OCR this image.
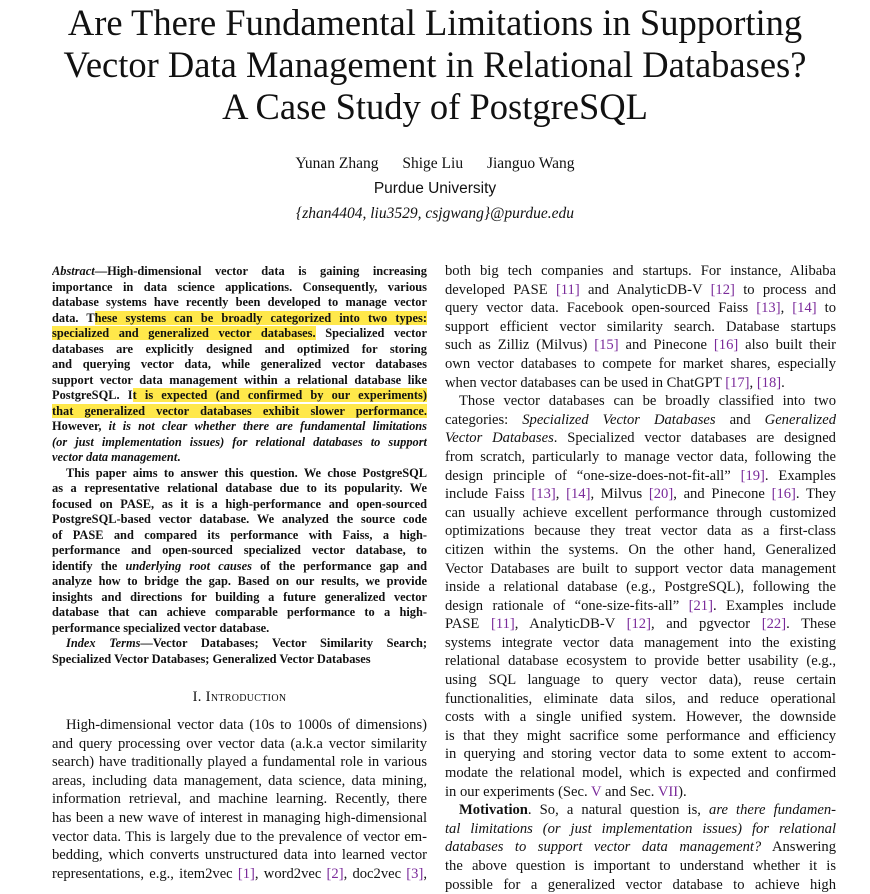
Are There Fundamental Limitations in Supporting
Vector Data Management in Relational Databases?
A Case Study of PostgreSQL
Yunan Zhang Shige Liu Jianguo Wang
Purdue University
{zhan4404, liu3529, csjgwang}@purdue.edu
Abstract—High-dimensional vector data is gaining increasing
importance in data science applications. Consequently, various
database systems have recently been developed to manage vector
data. These systems can be broadly categorized into two types:
specialized and generalized vector databases. Specialized vector
databases are explicitly designed and optimized for storing
and querying vector data, while generalized vector databases
support vector data management within a relational database like
PostgreSQL. It is expected (and confirmed by our experiments)
that generalized vector databases exhibit slower performance.
However, it is not clear whether there are fundamental limitations
(or just implementation issues) for relational databases to support
vector data management.
This paper aims to answer this question. We chose PostgreSQL
as a representative relational database due to its popularity. We
focused on PASE, as it is a high-performance and open-sourced
PostgreSQL-based vector database. We analyzed the source code
of PASE and compared its performance with Faiss, a high-
performance and open-sourced specialized vector database, to
identify the underlying root causes of the performance gap and
analyze how to bridge the gap. Based on our results, we provide
insights and directions for building a future generalized vector
database that can achieve comparable performance to a high-
performance specialized vector database.
Index Terms—Vector Databases; Vector Similarity Search;
Specialized Vector Databases; Generalized Vector Databases
I. Introduction
High-dimensional vector data (10s to 1000s of dimensions)
and query processing over vector data (a.k.a vector similarity
search) have traditionally played a fundamental role in various
areas, including data management, data science, data mining,
information retrieval, and machine learning. Recently, there
has been a new wave of interest in managing high-dimensional
vector data. This is largely due to the prevalence of vector em-
bedding, which converts unstructured data into learned vector
representations, e.g., item2vec [1], word2vec [2], doc2vec [3],
both big tech companies and startups. For instance, Alibaba
developed PASE [11] and AnalyticDB-V [12] to process and
query vector data. Facebook open-sourced Faiss [13], [14] to
support efficient vector similarity search. Database startups
such as Zilliz (Milvus) [15] and Pinecone [16] also built their
own vector databases to compete for market shares, especially
when vector databases can be used in ChatGPT [17], [18].
Those vector databases can be broadly classified into two
categories: Specialized Vector Databases and Generalized
Vector Databases. Specialized vector databases are designed
from scratch, particularly to manage vector data, following the
design principle of “one-size-does-not-fit-all” [19]. Examples
include Faiss [13], [14], Milvus [20], and Pinecone [16]. They
can usually achieve excellent performance through customized
optimizations because they treat vector data as a first-class
citizen within the systems. On the other hand, Generalized
Vector Databases are built to support vector data management
inside a relational database (e.g., PostgreSQL), following the
design rationale of “one-size-fits-all” [21]. Examples include
PASE [11], AnalyticDB-V [12], and pgvector [22]. These
systems integrate vector data management into the existing
relational database ecosystem to provide better usability (e.g.,
using SQL language to query vector data), reuse certain
functionalities, eliminate data silos, and reduce operational
costs with a single unified system. However, the downside
is that they might sacrifice some performance and efficiency
in querying and storing vector data to some extent to accom-
modate the relational model, which is expected and confirmed
in our experiments (Sec. V and Sec. VII).
Motivation. So, a natural question is, are there fundamen-
tal limitations (or just implementation issues) for relational
databases to support vector data management? Answering
the above question is important to understand whether it is
possible for a generalized vector database to achieve high
